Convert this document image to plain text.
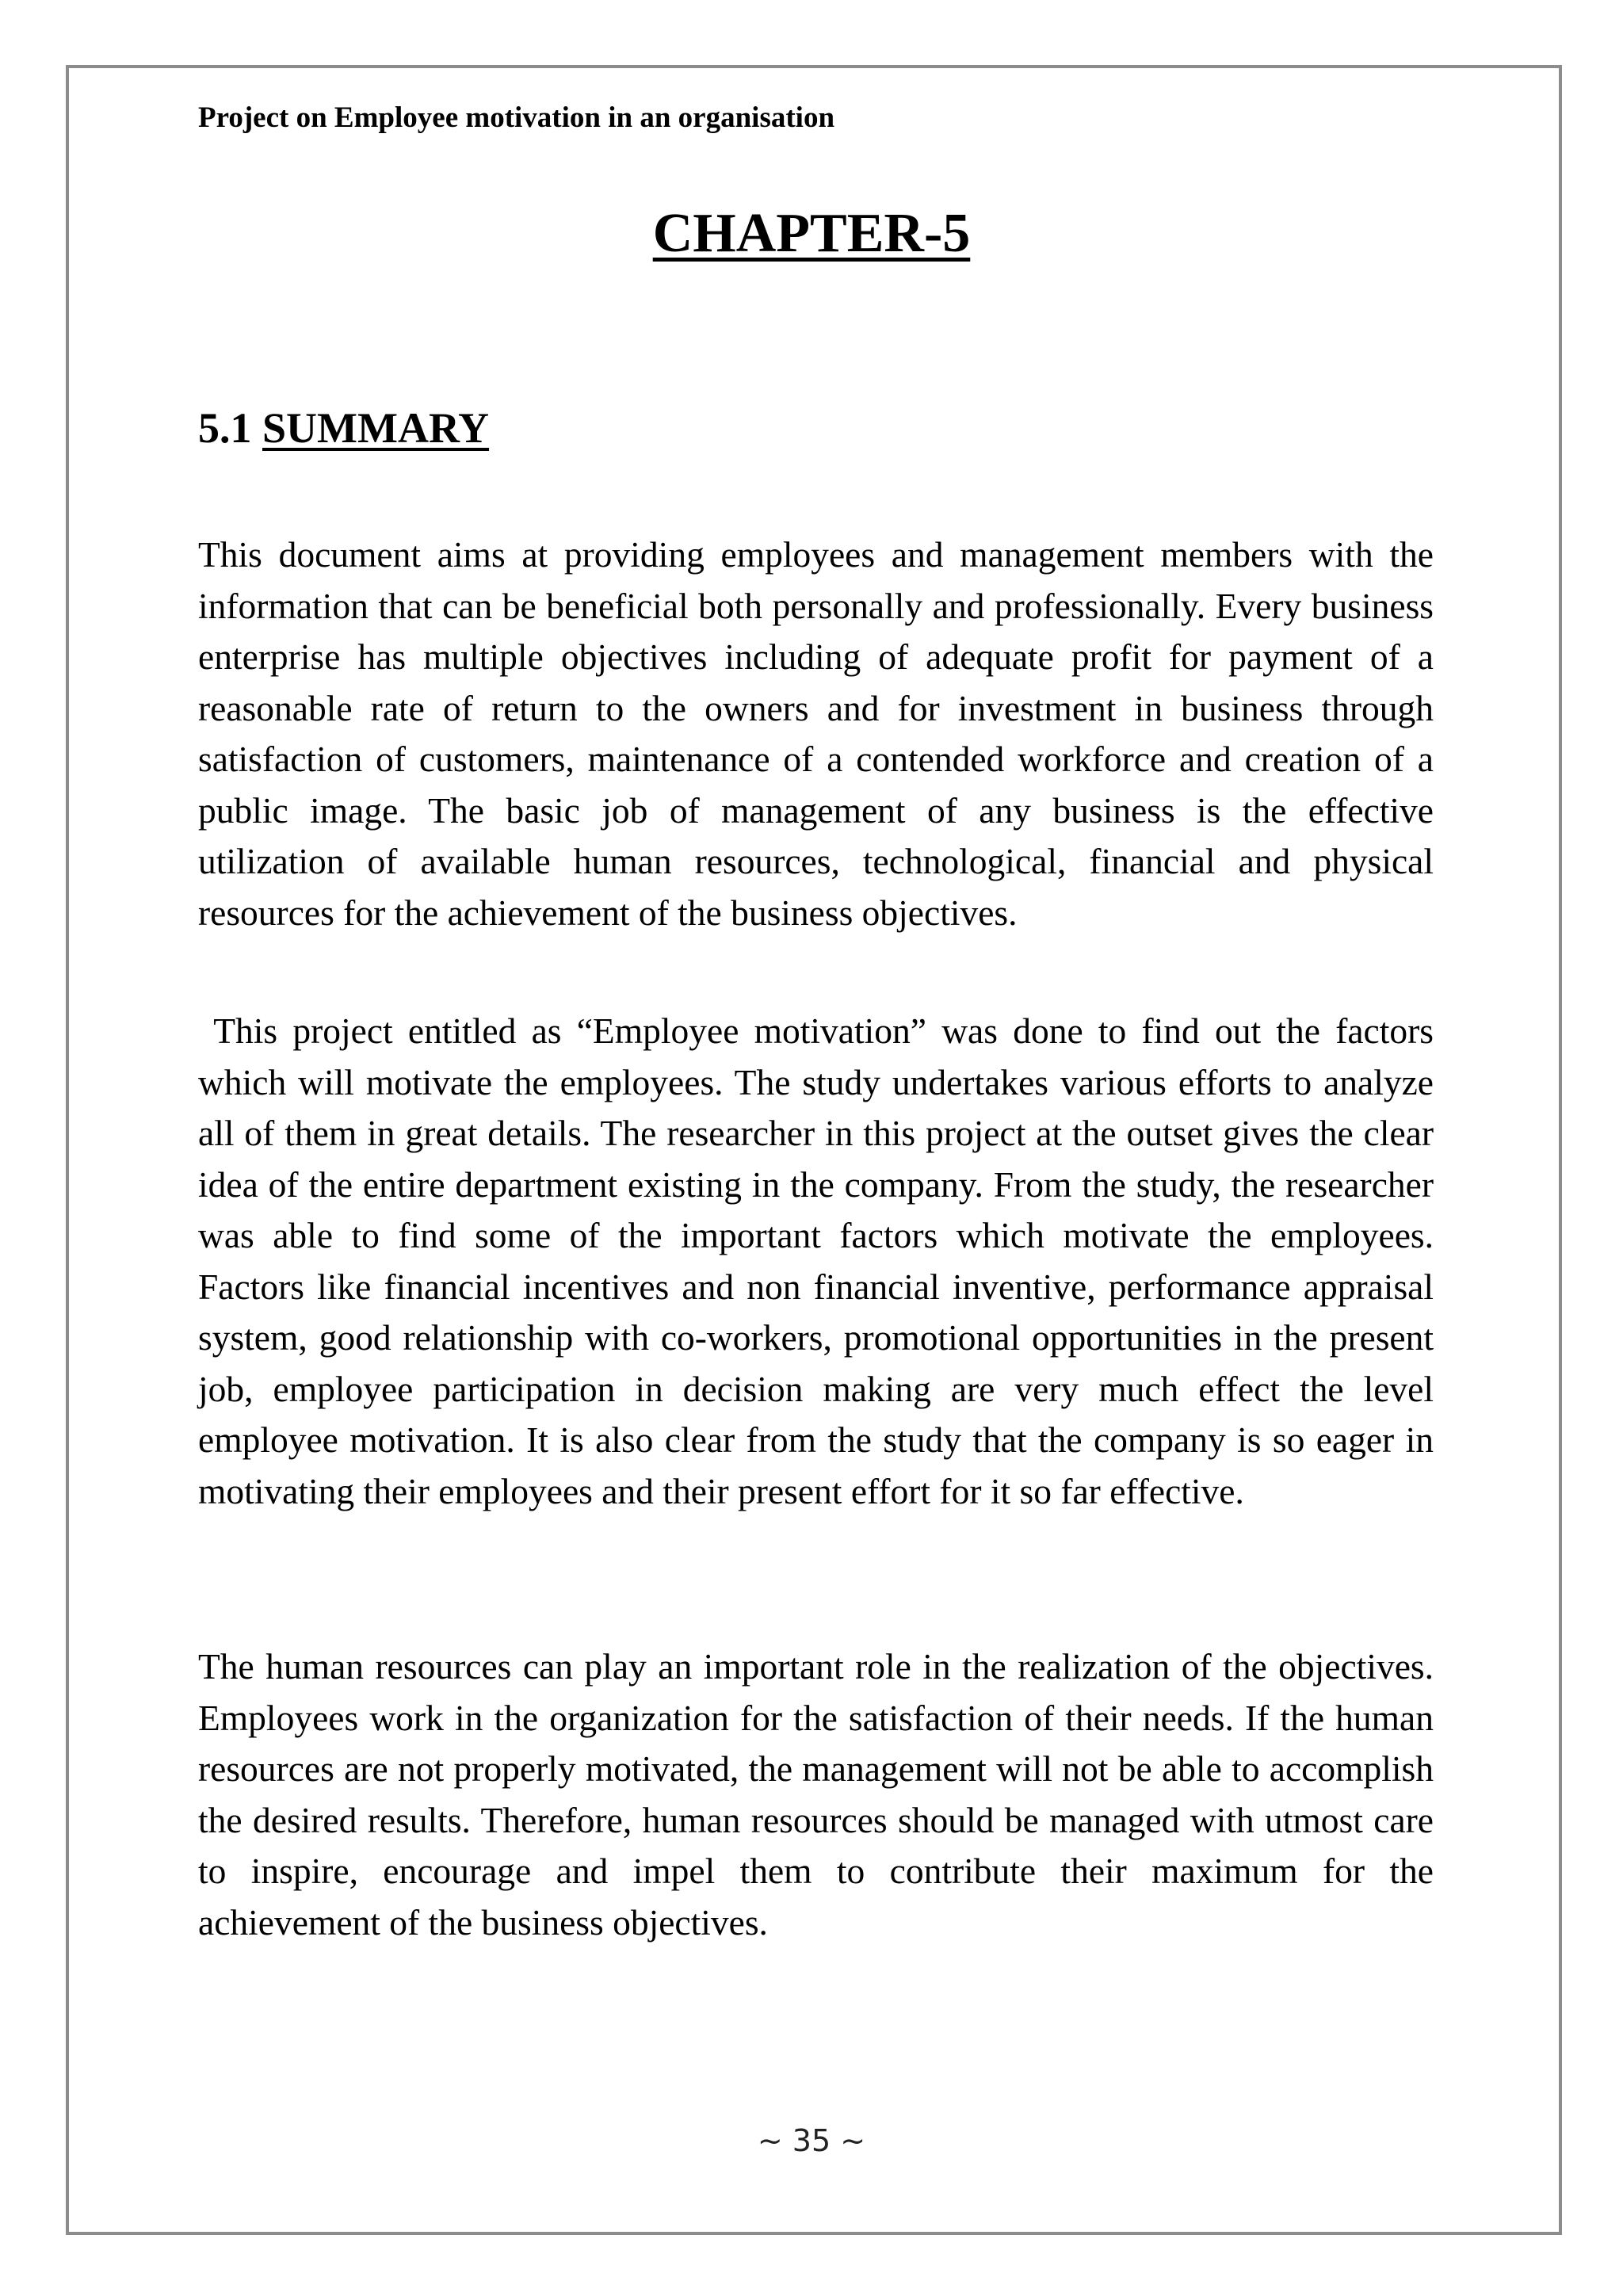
Project on Employee motivation in an organisation
CHAPTER-5
5.1 SUMMARY

This document aims at providing employees and management members with the information that can be beneficial both personally and professionally. Every business enterprise has multiple objectives including of adequate profit for payment of a reasonable rate of return to the owners and for investment in business through satisfaction of customers, maintenance of a contended workforce and creation of a public image. The basic job of management of any business is the effective utilization of available human resources, technological, financial and physical resources for the achievement of the business objectives.

This project entitled as “Employee motivation” was done to find out the factors which will motivate the employees. The study undertakes various efforts to analyze all of them in great details. The researcher in this project at the outset gives the clear idea of the entire department existing in the company. From the study, the researcher was able to find some of the important factors which motivate the employees. Factors like financial incentives and non financial inventive, performance appraisal system, good relationship with co-workers, promotional opportunities in the present job, employee participation in decision making are very much effect the level employee motivation. It is also clear from the study that the company is so eager in motivating their employees and their present effort for it so far effective.

The human resources can play an important role in the realization of the objectives. Employees work in the organization for the satisfaction of their needs. If the human resources are not properly motivated, the management will not be able to accomplish the desired results. Therefore, human resources should be managed with utmost care to inspire, encourage and impel them to contribute their maximum for the achievement of the business objectives.

~ 35 ~
